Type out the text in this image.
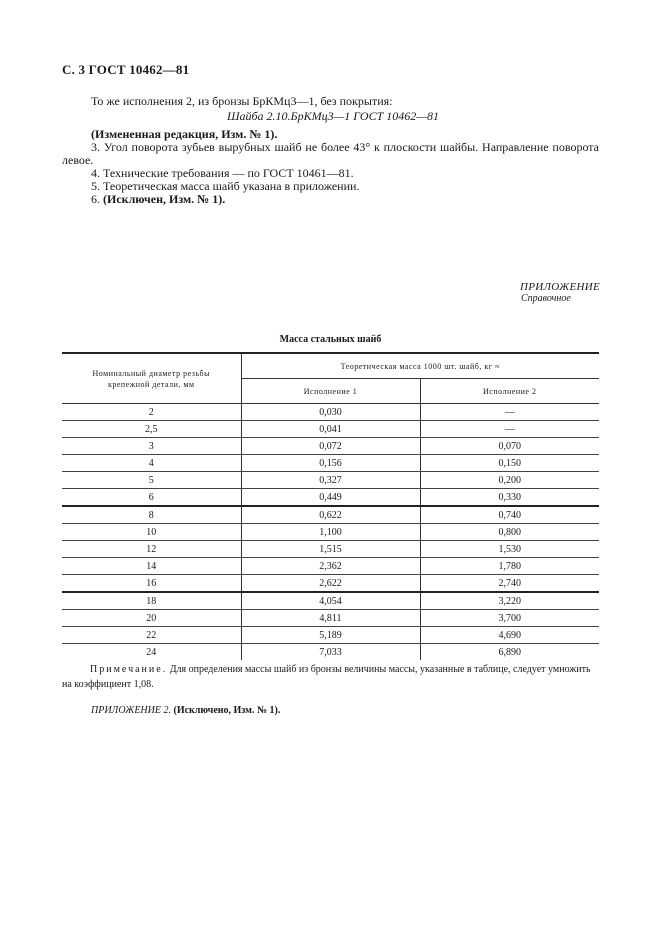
С. 3 ГОСТ 10462—81
То же исполнения 2, из бронзы БрКМц3—1, без покрытия:
Шайба 2.10.БрКМц3—1 ГОСТ 10462—81
(Измененная редакция, Изм. № 1).
3. Угол поворота зубьев вырубных шайб не более 43° к плоскости шайбы. Направление поворота левое.
4. Технические требования — по ГОСТ 10461—81.
5. Теоретическая масса шайб указана в приложении.
6. (Исключен, Изм. № 1).
ПРИЛОЖЕНИЕ
Справочное
Масса стальных шайб
Номинальный диаметр резьбы крепежной детали, мм	Теоретическая масса 1000 шт. шайб, кг ≈	
	Исполнение 1	Исполнение 2
2	0,030	—
2,5	0,041	—
3	0,072	0,070
4	0,156	0,150
5	0,327	0,200
6	0,449	0,330
8	0,622	0,740
10	1,100	0,800
12	1,515	1,530
14	2,362	1,780
16	2,622	2,740
18	4,054	3,220
20	4,811	3,700
22	5,189	4,690
24	7,033	6,890
Примечание. Для определения массы шайб из бронзы величины массы, указанные в таблице, следует умножить на коэффициент 1,08.
ПРИЛОЖЕНИЕ 2. (Исключено, Изм. № 1).
